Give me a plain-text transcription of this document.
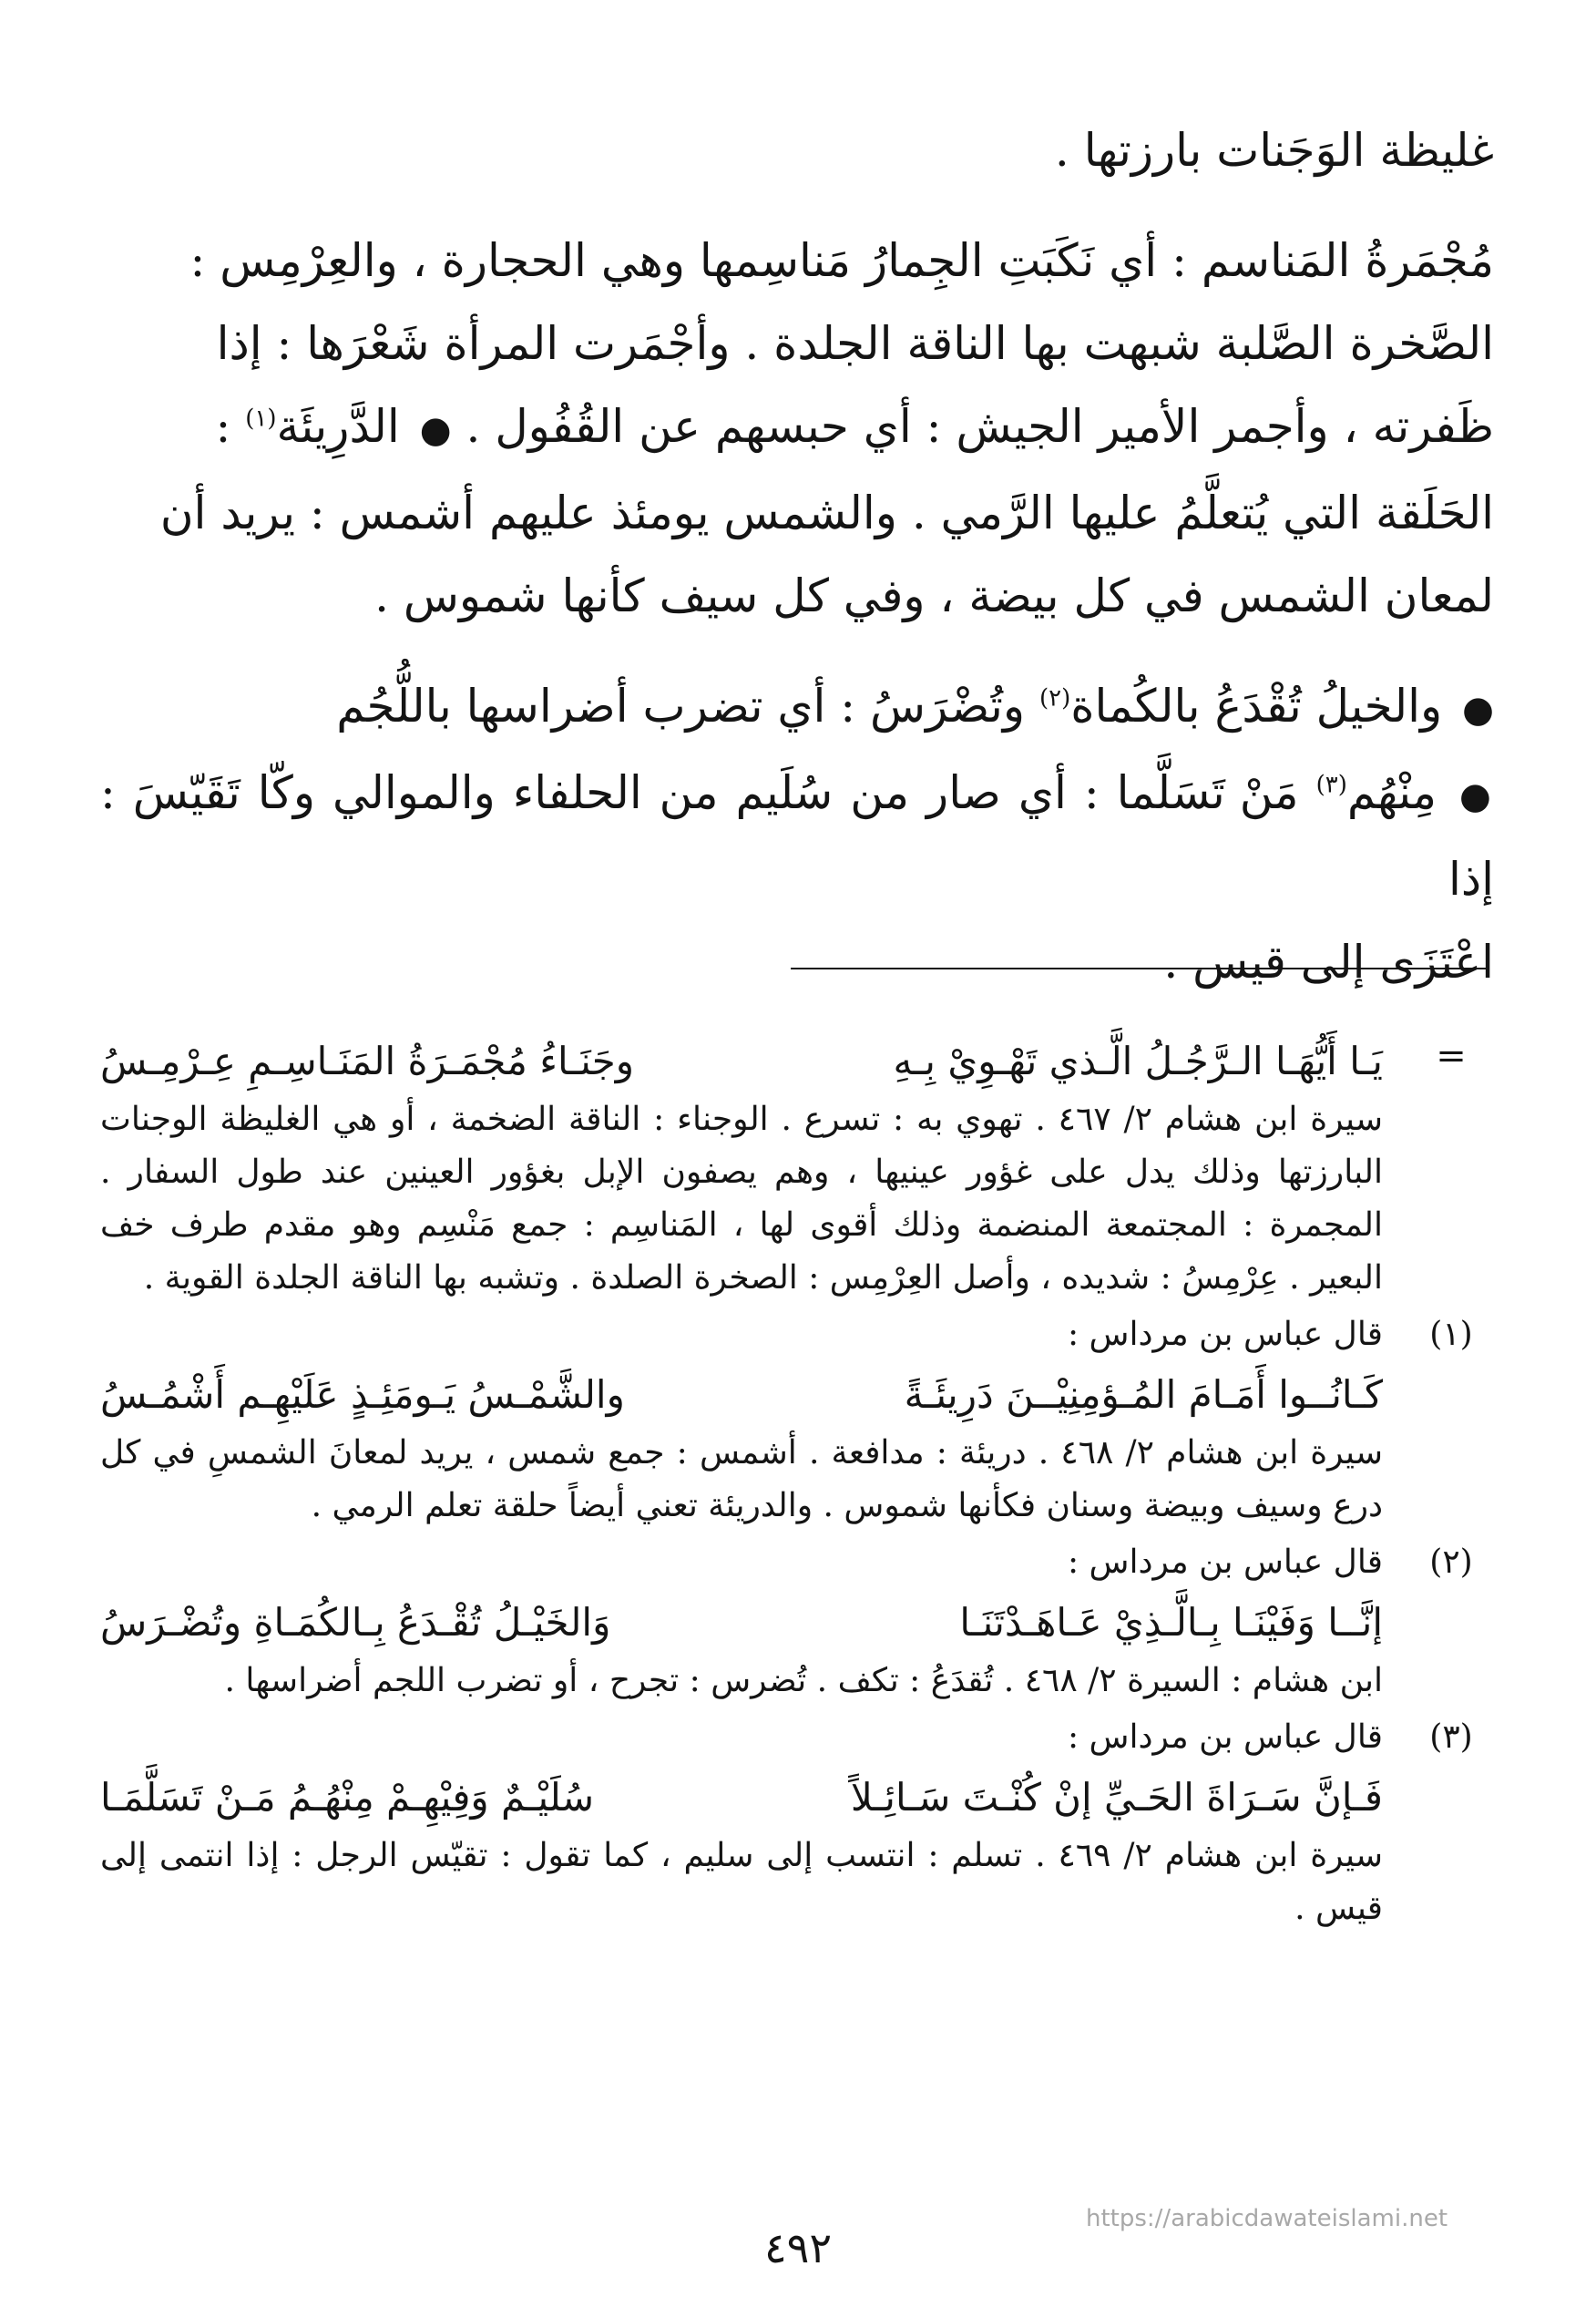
غليظة الوَجَنات بارزتها .

مُجْمَرةُ المَناسم : أي نَكَبَتِ الجِمارُ مَناسِمها وهي الحجارة ، والعِرْمِس :

الصَّخرة الصَّلبة شبهت بها الناقة الجلدة . وأجْمَرت المرأة شَعْرَها : إذا

ظَفرته ، وأجمر الأمير الجيش : أي حبسهم عن القُفُول . ● الدَّرِيئَة$^{(١)}$ :

الحَلَقة التي يُتعلَّمُ عليها الرَّمي . والشمس يومئذ عليهم أشمس : يريد أن

لمعان الشمس في كل بيضة ، وفي كل سيف كأنها شموس .

● والخيلُ تُقْدَعُ بالكُماة$^{(٢)}$ وتُضْرَسُ : أي تضرب أضراسها باللُّجُم

● مِنْهُم$^{(٣)}$ مَنْ تَسَلَّما : أي صار من سُلَيم من الحلفاء والموالي وكّا تَقَيّسَ : إذا

اعْتَزَى إلى قيس .

=
يَـا أَيُّهَـا الـرَّجُـلُ الَّـذي تَهْـوِيْ بِـهِ
وجَنَـاءُ مُجْمَـرَةُ المَنَـاسِـمِ عِـرْمِـسُ

سيرة ابن هشام ٢/ ٤٦٧ . تهوي به : تسرع . الوجناء : الناقة الضخمة ، أو هي الغليظة الوجنات البارزتها وذلك يدل على غؤور عينيها ، وهم يصفون الإبل بغؤور العينين عند طول السفار . المجمرة : المجتمعة المنضمة وذلك أقوى لها ، المَناسِم : جمع مَنْسِم وهو مقدم طرف خف البعير . عِرْمِسُ : شديده ، وأصل العِرْمِس : الصخرة الصلدة . وتشبه بها الناقة الجلدة القوية .

(١)

قال عباس بن مرداس :

كَـانُــوا أَمَـامَ المُـؤمِنِيْــنَ دَرِيئَـةً
والشَّمْـسُ يَـومَئِـذٍ عَلَيْهِـم أَشْمُـسُ

سيرة ابن هشام ٢/ ٤٦٨ . دريئة : مدافعة . أشمس : جمع شمس ، يريد لمعانَ الشمسِ في كل درع وسيف وبيضة وسنان فكأنها شموس . والدريئة تعني أيضاً حلقة تعلم الرمي .

(٢)

قال عباس بن مرداس :

إنَّــا وَفَيْنَـا بِـالَّـذِيْ عَـاهَـدْتَنَـا
وَالخَيْـلُ تُقْـدَعُ بِـالكُمَـاةِ وتُضْـرَسُ

ابن هشام : السيرة ٢/ ٤٦٨ . تُقدَعُ : تكف . تُضرس : تجرح ، أو تضرب اللجم أضراسها .

(٣)

قال عباس بن مرداس :

فَـإنَّ سَـرَاةَ الحَـيِّ إنْ كُنْـتَ سَـائِـلاً
سُلَيْـمٌ وَفِيْهِـمْ مِنْهُـمُ مَـنْ تَسَلَّمَـا

سيرة ابن هشام ٢/ ٤٦٩ . تسلم : انتسب إلى سليم ، كما تقول : تقيّس الرجل : إذا انتمى إلى قيس .

https://arabicdawateislami.net
٤٩٢
